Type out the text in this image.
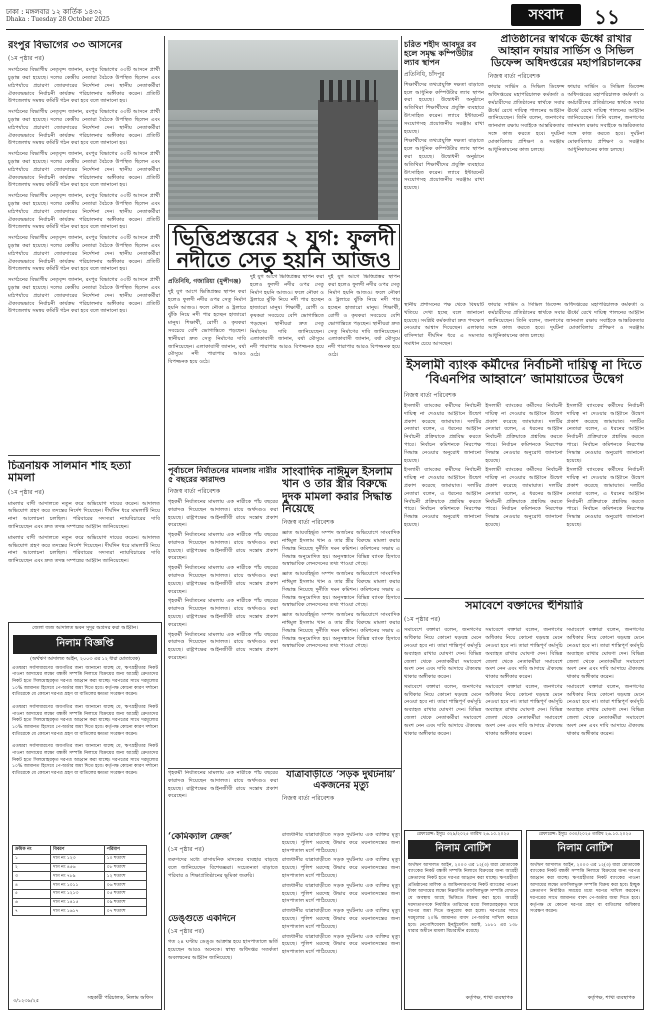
ঢাকা : মঙ্গলবার ১২ কার্তিক ১৪৩২
Dhaka : Tuesday 28 October 2025	সংবাদ	১১
রংপুর বিভাগের ৩৩ আসনের
(১ম পৃষ্ঠার পর)
সংগঠনের বিভাগীয় নেতৃবৃন্দ জানান, রংপুর বিভাগের ৩৩টি আসনে প্রার্থী চূড়ান্ত করা হয়েছে। দলের কেন্দ্রীয় নেতারা বৈঠকে উপস্থিত ছিলেন এবং মাঠপর্যায়ে প্রচারণা জোরদারের নির্দেশনা দেন। স্থানীয় নেতাকর্মীরা ঐক্যবদ্ধভাবে নির্বাচনী কার্যক্রম পরিচালনার অঙ্গীকার করেন। প্রতিটি উপজেলায় সমন্বয় কমিটি গঠন করা হবে বলে জানানো হয়।
সংগঠনের বিভাগীয় নেতৃবৃন্দ জানান, রংপুর বিভাগের ৩৩টি আসনে প্রার্থী চূড়ান্ত করা হয়েছে। দলের কেন্দ্রীয় নেতারা বৈঠকে উপস্থিত ছিলেন এবং মাঠপর্যায়ে প্রচারণা জোরদারের নির্দেশনা দেন। স্থানীয় নেতাকর্মীরা ঐক্যবদ্ধভাবে নির্বাচনী কার্যক্রম পরিচালনার অঙ্গীকার করেন। প্রতিটি উপজেলায় সমন্বয় কমিটি গঠন করা হবে বলে জানানো হয়।
সংগঠনের বিভাগীয় নেতৃবৃন্দ জানান, রংপুর বিভাগের ৩৩টি আসনে প্রার্থী চূড়ান্ত করা হয়েছে। দলের কেন্দ্রীয় নেতারা বৈঠকে উপস্থিত ছিলেন এবং মাঠপর্যায়ে প্রচারণা জোরদারের নির্দেশনা দেন। স্থানীয় নেতাকর্মীরা ঐক্যবদ্ধভাবে নির্বাচনী কার্যক্রম পরিচালনার অঙ্গীকার করেন। প্রতিটি উপজেলায় সমন্বয় কমিটি গঠন করা হবে বলে জানানো হয়।
সংগঠনের বিভাগীয় নেতৃবৃন্দ জানান, রংপুর বিভাগের ৩৩টি আসনে প্রার্থী চূড়ান্ত করা হয়েছে। দলের কেন্দ্রীয় নেতারা বৈঠকে উপস্থিত ছিলেন এবং মাঠপর্যায়ে প্রচারণা জোরদারের নির্দেশনা দেন। স্থানীয় নেতাকর্মীরা ঐক্যবদ্ধভাবে নির্বাচনী কার্যক্রম পরিচালনার অঙ্গীকার করেন। প্রতিটি উপজেলায় সমন্বয় কমিটি গঠন করা হবে বলে জানানো হয়।
সংগঠনের বিভাগীয় নেতৃবৃন্দ জানান, রংপুর বিভাগের ৩৩টি আসনে প্রার্থী চূড়ান্ত করা হয়েছে। দলের কেন্দ্রীয় নেতারা বৈঠকে উপস্থিত ছিলেন এবং মাঠপর্যায়ে প্রচারণা জোরদারের নির্দেশনা দেন। স্থানীয় নেতাকর্মীরা ঐক্যবদ্ধভাবে নির্বাচনী কার্যক্রম পরিচালনার অঙ্গীকার করেন। প্রতিটি উপজেলায় সমন্বয় কমিটি গঠন করা হবে বলে জানানো হয়।
সংগঠনের বিভাগীয় নেতৃবৃন্দ জানান, রংপুর বিভাগের ৩৩টি আসনে প্রার্থী চূড়ান্ত করা হয়েছে। দলের কেন্দ্রীয় নেতারা বৈঠকে উপস্থিত ছিলেন এবং মাঠপর্যায়ে প্রচারণা জোরদারের নির্দেশনা দেন। স্থানীয় নেতাকর্মীরা ঐক্যবদ্ধভাবে নির্বাচনী কার্যক্রম পরিচালনার অঙ্গীকার করেন। প্রতিটি উপজেলায় সমন্বয় কমিটি গঠন করা হবে বলে জানানো হয়।
চিত্রনায়ক সালমান শাহ হত্যা মামলা
(১ম পৃষ্ঠার পর)
মামলার বাদী আদালতে নতুন করে অভিযোগ দায়ের করেন। আদালত অভিযোগ গ্রহণ করে তদন্তের নির্দেশ দিয়েছেন। দীর্ঘদিন ধরে মামলাটি নিয়ে নানা আলোচনা চলছিল। পরিবারের সদস্যরা ন্যায়বিচারের দাবি জানিয়েছেন এবং দ্রুত তদন্ত সম্পন্নের আহ্বান জানিয়েছেন।
মামলার বাদী আদালতে নতুন করে অভিযোগ দায়ের করেন। আদালত অভিযোগ গ্রহণ করে তদন্তের নির্দেশ দিয়েছেন। দীর্ঘদিন ধরে মামলাটি নিয়ে নানা আলোচনা চলছিল। পরিবারের সদস্যরা ন্যায়বিচারের দাবি জানিয়েছেন এবং দ্রুত তদন্ত সম্পন্নের আহ্বান জানিয়েছেন।
জেলা জজ আদালত ভবন সুদূর অগ্রসর করা আহ্বান।
নিলাম বিজ্ঞপ্তি
(অর্থঋণ আদালত আইন, ২০০৩ এর ১২ ধারা মোতাবেক)
এতদ্বারা সর্বসাধারণের অবগতির জন্য জানানো যাচ্ছে যে, ঋণগ্রহীতার নিকট পাওনা আদায়ের লক্ষ্যে বন্ধকী সম্পত্তি নিলামে বিক্রয়ের জন্য আগ্রহী ক্রেতাদের নিকট হতে সিলমোহরকৃত দরপত্র আহ্বান করা যাচ্ছে। দরপত্রের সাথে দরমূল্যের ১০% জামানত হিসেবে পে-অর্ডার জমা দিতে হবে। কর্তৃপক্ষ কোনো কারণ দর্শানো ব্যতিরেকে যে কোনো দরপত্র গ্রহণ বা বাতিলের ক্ষমতা সংরক্ষণ করেন।
এতদ্বারা সর্বসাধারণের অবগতির জন্য জানানো যাচ্ছে যে, ঋণগ্রহীতার নিকট পাওনা আদায়ের লক্ষ্যে বন্ধকী সম্পত্তি নিলামে বিক্রয়ের জন্য আগ্রহী ক্রেতাদের নিকট হতে সিলমোহরকৃত দরপত্র আহ্বান করা যাচ্ছে। দরপত্রের সাথে দরমূল্যের ১০% জামানত হিসেবে পে-অর্ডার জমা দিতে হবে। কর্তৃপক্ষ কোনো কারণ দর্শানো ব্যতিরেকে যে কোনো দরপত্র গ্রহণ বা বাতিলের ক্ষমতা সংরক্ষণ করেন।
এতদ্বারা সর্বসাধারণের অবগতির জন্য জানানো যাচ্ছে যে, ঋণগ্রহীতার নিকট পাওনা আদায়ের লক্ষ্যে বন্ধকী সম্পত্তি নিলামে বিক্রয়ের জন্য আগ্রহী ক্রেতাদের নিকট হতে সিলমোহরকৃত দরপত্র আহ্বান করা যাচ্ছে। দরপত্রের সাথে দরমূল্যের ১০% জামানত হিসেবে পে-অর্ডার জমা দিতে হবে। কর্তৃপক্ষ কোনো কারণ দর্শানো ব্যতিরেকে যে কোনো দরপত্র গ্রহণ বা বাতিলের ক্ষমতা সংরক্ষণ করেন।
৩/১২৩৯/২৫	সহকারী পরিচালক, নিলাম অফিস
ক্রমিক নং	বিবরণ	পরিমাণ
১	দাগ নং ১২৩	১০ শতাংশ
২	দাগ নং ৪৫৬	০৮ শতাংশ
৩	দাগ নং ৭৮৯	১২ শতাংশ
৪	দাগ নং ১০১১	০৬ শতাংশ
৫	দাগ নং ১২১৩	০৫ শতাংশ
৬	দাগ নং ১৪১৫	০৯ শতাংশ
৭	দাগ নং ১৬১৭	০৭ শতাংশ
ভিত্তিপ্রস্তরের ২ যুগ: ফুলদী নদীতে সেতু হয়নি আজও
প্রতিনিধি, গজারিয়া (মুন্সীগঞ্জ)
দুই যুগ আগে ভিত্তিপ্রস্তর স্থাপন করা হলেও ফুলদী নদীর ওপর সেতু নির্মাণ হয়নি আজও। ফলে নৌকা ও ট্রলারে ঝুঁকি নিয়ে নদী পার হচ্ছেন হাজারো মানুষ। শিক্ষার্থী, রোগী ও কৃষকরা সবচেয়ে বেশি ভোগান্তিতে পড়ছেন। স্থানীয়রা দ্রুত সেতু নির্মাণের দাবি জানিয়েছেন। এলাকাবাসী জানান, বর্ষা মৌসুমে নদী পারাপার আরও বিপজ্জনক হয়ে ওঠে।
দুই যুগ আগে ভিত্তিপ্রস্তর স্থাপন করা হলেও ফুলদী নদীর ওপর সেতু নির্মাণ হয়নি আজও। ফলে নৌকা ও ট্রলারে ঝুঁকি নিয়ে নদী পার হচ্ছেন হাজারো মানুষ। শিক্ষার্থী, রোগী ও কৃষকরা সবচেয়ে বেশি ভোগান্তিতে পড়ছেন। স্থানীয়রা দ্রুত সেতু নির্মাণের দাবি জানিয়েছেন। এলাকাবাসী জানান, বর্ষা মৌসুমে নদী পারাপার আরও বিপজ্জনক হয়ে ওঠে।
দুই যুগ আগে ভিত্তিপ্রস্তর স্থাপন করা হলেও ফুলদী নদীর ওপর সেতু নির্মাণ হয়নি আজও। ফলে নৌকা ও ট্রলারে ঝুঁকি নিয়ে নদী পার হচ্ছেন হাজারো মানুষ। শিক্ষার্থী, রোগী ও কৃষকরা সবচেয়ে বেশি ভোগান্তিতে পড়ছেন। স্থানীয়রা দ্রুত সেতু নির্মাণের দাবি জানিয়েছেন। এলাকাবাসী জানান, বর্ষা মৌসুমে নদী পারাপার আরও বিপজ্জনক হয়ে ওঠে।
চরিত শহীদ আবদুর রব হলে সমৃদ্ধ কম্পিউটার ল্যাব স্থাপন
প্রতিনিধি, চাঁদপুর
শিক্ষার্থীদের তথ্যপ্রযুক্তি দক্ষতা বাড়াতে হলে আধুনিক কম্পিউটার ল্যাব স্থাপন করা হয়েছে। উদ্বোধনী অনুষ্ঠানে অতিথিরা শিক্ষার্থীদের প্রযুক্তি ব্যবহারে উৎসাহিত করেন। ল্যাবে ইন্টারনেট সংযোগসহ প্রয়োজনীয় সরঞ্জাম রাখা হয়েছে।
শিক্ষার্থীদের তথ্যপ্রযুক্তি দক্ষতা বাড়াতে হলে আধুনিক কম্পিউটার ল্যাব স্থাপন করা হয়েছে। উদ্বোধনী অনুষ্ঠানে অতিথিরা শিক্ষার্থীদের প্রযুক্তি ব্যবহারে উৎসাহিত করেন। ল্যাবে ইন্টারনেট সংযোগসহ প্রয়োজনীয় সরঞ্জাম রাখা হয়েছে।
প্রতিষ্ঠানের স্বার্থকে ঊর্ধ্বে রাখার আহ্বান ফায়ার সার্ভিস ও সিভিল ডিফেন্স অধিদপ্তরের মহাপরিচালকের
নিজস্ব বার্তা পরিবেশক
ফায়ার সার্ভিস ও সিভিল ডিফেন্স অধিদপ্তরের মহাপরিচালক কর্মকর্তা ও কর্মচারীদের প্রতিষ্ঠানের স্বার্থকে সবার ঊর্ধ্বে রেখে দায়িত্ব পালনের আহ্বান জানিয়েছেন। তিনি বলেন, জনগণের জানমাল রক্ষায় সবাইকে আন্তরিকতার সঙ্গে কাজ করতে হবে। দুর্ঘটনা মোকাবিলায় প্রশিক্ষণ ও সরঞ্জাম আধুনিকায়নের কাজ চলছে।
ফায়ার সার্ভিস ও সিভিল ডিফেন্স অধিদপ্তরের মহাপরিচালক কর্মকর্তা ও কর্মচারীদের প্রতিষ্ঠানের স্বার্থকে সবার ঊর্ধ্বে রেখে দায়িত্ব পালনের আহ্বান জানিয়েছেন। তিনি বলেন, জনগণের জানমাল রক্ষায় সবাইকে আন্তরিকতার সঙ্গে কাজ করতে হবে। দুর্ঘটনা মোকাবিলায় প্রশিক্ষণ ও সরঞ্জাম আধুনিকায়নের কাজ চলছে।
স্থানীয় প্রশাসনের পক্ষ থেকে বিষয়টি খতিয়ে দেখা হচ্ছে বলে জানানো হয়েছে। সংশ্লিষ্ট কর্মকর্তারা দ্রুত পদক্ষেপ নেওয়ার আশ্বাস দিয়েছেন। এলাকার বাসিন্দারা দীর্ঘদিন ধরে এ সমস্যার সমাধান চেয়ে আসছেন।
ফায়ার সার্ভিস ও সিভিল ডিফেন্স অধিদপ্তরের মহাপরিচালক কর্মকর্তা ও কর্মচারীদের প্রতিষ্ঠানের স্বার্থকে সবার ঊর্ধ্বে রেখে দায়িত্ব পালনের আহ্বান জানিয়েছেন। তিনি বলেন, জনগণের জানমাল রক্ষায় সবাইকে আন্তরিকতার সঙ্গে কাজ করতে হবে। দুর্ঘটনা মোকাবিলায় প্রশিক্ষণ ও সরঞ্জাম আধুনিকায়নের কাজ চলছে।
ইসলামী ব্যাংক কর্মীদের নির্বাচনী দায়িত্ব না দিতে ‘বিএনপির আহ্বানে’ জামায়াতের উদ্বেগ
নিজস্ব বার্তা পরিবেশক
ইসলামী ব্যাংকের কর্মীদের নির্বাচনী দায়িত্ব না দেওয়ার আহ্বানে উদ্বেগ প্রকাশ করেছে জামায়াত। দলটির নেতারা বলেন, এ ধরনের আহ্বান নির্বাচনী প্রক্রিয়াকে প্রশ্নবিদ্ধ করতে পারে। নির্বাচন কমিশনকে নিরপেক্ষ সিদ্ধান্ত নেওয়ার অনুরোধ জানানো হয়েছে।
ইসলামী ব্যাংকের কর্মীদের নির্বাচনী দায়িত্ব না দেওয়ার আহ্বানে উদ্বেগ প্রকাশ করেছে জামায়াত। দলটির নেতারা বলেন, এ ধরনের আহ্বান নির্বাচনী প্রক্রিয়াকে প্রশ্নবিদ্ধ করতে পারে। নির্বাচন কমিশনকে নিরপেক্ষ সিদ্ধান্ত নেওয়ার অনুরোধ জানানো হয়েছে।
ইসলামী ব্যাংকের কর্মীদের নির্বাচনী দায়িত্ব না দেওয়ার আহ্বানে উদ্বেগ প্রকাশ করেছে জামায়াত। দলটির নেতারা বলেন, এ ধরনের আহ্বান নির্বাচনী প্রক্রিয়াকে প্রশ্নবিদ্ধ করতে পারে। নির্বাচন কমিশনকে নিরপেক্ষ সিদ্ধান্ত নেওয়ার অনুরোধ জানানো হয়েছে।
ইসলামী ব্যাংকের কর্মীদের নির্বাচনী দায়িত্ব না দেওয়ার আহ্বানে উদ্বেগ প্রকাশ করেছে জামায়াত। দলটির নেতারা বলেন, এ ধরনের আহ্বান নির্বাচনী প্রক্রিয়াকে প্রশ্নবিদ্ধ করতে পারে। নির্বাচন কমিশনকে নিরপেক্ষ সিদ্ধান্ত নেওয়ার অনুরোধ জানানো হয়েছে।
ইসলামী ব্যাংকের কর্মীদের নির্বাচনী দায়িত্ব না দেওয়ার আহ্বানে উদ্বেগ প্রকাশ করেছে জামায়াত। দলটির নেতারা বলেন, এ ধরনের আহ্বান নির্বাচনী প্রক্রিয়াকে প্রশ্নবিদ্ধ করতে পারে। নির্বাচন কমিশনকে নিরপেক্ষ সিদ্ধান্ত নেওয়ার অনুরোধ জানানো হয়েছে।
ইসলামী ব্যাংকের কর্মীদের নির্বাচনী দায়িত্ব না দেওয়ার আহ্বানে উদ্বেগ প্রকাশ করেছে জামায়াত। দলটির নেতারা বলেন, এ ধরনের আহ্বান নির্বাচনী প্রক্রিয়াকে প্রশ্নবিদ্ধ করতে পারে। নির্বাচন কমিশনকে নিরপেক্ষ সিদ্ধান্ত নেওয়ার অনুরোধ জানানো হয়েছে।
পূর্বাচলে নির্যাতনের মামলায় নারীর ৫ বছরের কারাদণ্ড
নিজস্ব বার্তা পরিবেশক
গৃহকর্মী নির্যাতনের মামলায় এক নারীকে পাঁচ বছরের কারাদণ্ড দিয়েছেন আদালত। রায়ে অর্থদণ্ডও করা হয়েছে। রাষ্ট্রপক্ষের আইনজীবী রায়ে সন্তোষ প্রকাশ করেছেন।
গৃহকর্মী নির্যাতনের মামলায় এক নারীকে পাঁচ বছরের কারাদণ্ড দিয়েছেন আদালত। রায়ে অর্থদণ্ডও করা হয়েছে। রাষ্ট্রপক্ষের আইনজীবী রায়ে সন্তোষ প্রকাশ করেছেন।
গৃহকর্মী নির্যাতনের মামলায় এক নারীকে পাঁচ বছরের কারাদণ্ড দিয়েছেন আদালত। রায়ে অর্থদণ্ডও করা হয়েছে। রাষ্ট্রপক্ষের আইনজীবী রায়ে সন্তোষ প্রকাশ করেছেন।
গৃহকর্মী নির্যাতনের মামলায় এক নারীকে পাঁচ বছরের কারাদণ্ড দিয়েছেন আদালত। রায়ে অর্থদণ্ডও করা হয়েছে। রাষ্ট্রপক্ষের আইনজীবী রায়ে সন্তোষ প্রকাশ করেছেন।
গৃহকর্মী নির্যাতনের মামলায় এক নারীকে পাঁচ বছরের কারাদণ্ড দিয়েছেন আদালত। রায়ে অর্থদণ্ডও করা হয়েছে। রাষ্ট্রপক্ষের আইনজীবী রায়ে সন্তোষ প্রকাশ করেছেন।
সাংবাদিক নাঈমুল ইসলাম খান ও তার স্ত্রীর বিরুদ্ধে দুদক মামলা করার সিদ্ধান্ত নিয়েছে
নিজস্ব বার্তা পরিবেশক
জ্ঞাত আয়বহির্ভূত সম্পদ অর্জনের অভিযোগে সাংবাদিক নাঈমুল ইসলাম খান ও তার স্ত্রীর বিরুদ্ধে মামলা করার সিদ্ধান্ত নিয়েছে দুর্নীতি দমন কমিশন। কমিশনের সভায় এ সিদ্ধান্ত অনুমোদিত হয়। অনুসন্ধানে বিভিন্ন ব্যাংক হিসাবে অস্বাভাবিক লেনদেনের তথ্য পাওয়া গেছে।
জ্ঞাত আয়বহির্ভূত সম্পদ অর্জনের অভিযোগে সাংবাদিক নাঈমুল ইসলাম খান ও তার স্ত্রীর বিরুদ্ধে মামলা করার সিদ্ধান্ত নিয়েছে দুর্নীতি দমন কমিশন। কমিশনের সভায় এ সিদ্ধান্ত অনুমোদিত হয়। অনুসন্ধানে বিভিন্ন ব্যাংক হিসাবে অস্বাভাবিক লেনদেনের তথ্য পাওয়া গেছে।
জ্ঞাত আয়বহির্ভূত সম্পদ অর্জনের অভিযোগে সাংবাদিক নাঈমুল ইসলাম খান ও তার স্ত্রীর বিরুদ্ধে মামলা করার সিদ্ধান্ত নিয়েছে দুর্নীতি দমন কমিশন। কমিশনের সভায় এ সিদ্ধান্ত অনুমোদিত হয়। অনুসন্ধানে বিভিন্ন ব্যাংক হিসাবে অস্বাভাবিক লেনদেনের তথ্য পাওয়া গেছে।
সমাবেশে বক্তাদের হুঁশিয়ারি
(১ম পৃষ্ঠার পর)
সমাবেশে বক্তারা বলেন, জনগণের অধিকার নিয়ে কোনো ষড়যন্ত্র মেনে নেওয়া হবে না। তারা শান্তিপূর্ণ কর্মসূচি অব্যাহত রাখার ঘোষণা দেন। বিভিন্ন জেলা থেকে নেতাকর্মীরা সমাবেশে অংশ নেন এবং দাবি আদায়ে ঐক্যবদ্ধ থাকার অঙ্গীকার করেন।
সমাবেশে বক্তারা বলেন, জনগণের অধিকার নিয়ে কোনো ষড়যন্ত্র মেনে নেওয়া হবে না। তারা শান্তিপূর্ণ কর্মসূচি অব্যাহত রাখার ঘোষণা দেন। বিভিন্ন জেলা থেকে নেতাকর্মীরা সমাবেশে অংশ নেন এবং দাবি আদায়ে ঐক্যবদ্ধ থাকার অঙ্গীকার করেন।
সমাবেশে বক্তারা বলেন, জনগণের অধিকার নিয়ে কোনো ষড়যন্ত্র মেনে নেওয়া হবে না। তারা শান্তিপূর্ণ কর্মসূচি অব্যাহত রাখার ঘোষণা দেন। বিভিন্ন জেলা থেকে নেতাকর্মীরা সমাবেশে অংশ নেন এবং দাবি আদায়ে ঐক্যবদ্ধ থাকার অঙ্গীকার করেন।
সমাবেশে বক্তারা বলেন, জনগণের অধিকার নিয়ে কোনো ষড়যন্ত্র মেনে নেওয়া হবে না। তারা শান্তিপূর্ণ কর্মসূচি অব্যাহত রাখার ঘোষণা দেন। বিভিন্ন জেলা থেকে নেতাকর্মীরা সমাবেশে অংশ নেন এবং দাবি আদায়ে ঐক্যবদ্ধ থাকার অঙ্গীকার করেন।
সমাবেশে বক্তারা বলেন, জনগণের অধিকার নিয়ে কোনো ষড়যন্ত্র মেনে নেওয়া হবে না। তারা শান্তিপূর্ণ কর্মসূচি অব্যাহত রাখার ঘোষণা দেন। বিভিন্ন জেলা থেকে নেতাকর্মীরা সমাবেশে অংশ নেন এবং দাবি আদায়ে ঐক্যবদ্ধ থাকার অঙ্গীকার করেন।
সমাবেশে বক্তারা বলেন, জনগণের অধিকার নিয়ে কোনো ষড়যন্ত্র মেনে নেওয়া হবে না। তারা শান্তিপূর্ণ কর্মসূচি অব্যাহত রাখার ঘোষণা দেন। বিভিন্ন জেলা থেকে নেতাকর্মীরা সমাবেশে অংশ নেন এবং দাবি আদায়ে ঐক্যবদ্ধ থাকার অঙ্গীকার করেন।
গৃহকর্মী নির্যাতনের মামলায় এক নারীকে পাঁচ বছরের কারাদণ্ড দিয়েছেন আদালত। রায়ে অর্থদণ্ডও করা হয়েছে। রাষ্ট্রপক্ষের আইনজীবী রায়ে সন্তোষ প্রকাশ করেছেন।
যাত্রাবাড়ীতে ‘সড়ক দুর্ঘটনায়’ একজনের মৃত্যু
নিজস্ব বার্তা পরিবেশক
‘কেমিক্যাল ক্রেজ’
(১ম পৃষ্ঠার পর)
তরুণদের মধ্যে রাসায়নিক মাদকের ব্যবহার বাড়ছে বলে জানিয়েছেন বিশেষজ্ঞরা। সচেতনতা বাড়াতে পরিবার ও শিক্ষাপ্রতিষ্ঠানের ভূমিকা জরুরি।
রাজধানীর যাত্রাবাড়ীতে সড়ক দুর্ঘটনায় এক ব্যক্তির মৃত্যু হয়েছে। পুলিশ মরদেহ উদ্ধার করে ময়নাতদন্তের জন্য হাসপাতাল মর্গে পাঠিয়েছে।
রাজধানীর যাত্রাবাড়ীতে সড়ক দুর্ঘটনায় এক ব্যক্তির মৃত্যু হয়েছে। পুলিশ মরদেহ উদ্ধার করে ময়নাতদন্তের জন্য হাসপাতাল মর্গে পাঠিয়েছে।
রাজধানীর যাত্রাবাড়ীতে সড়ক দুর্ঘটনায় এক ব্যক্তির মৃত্যু হয়েছে। পুলিশ মরদেহ উদ্ধার করে ময়নাতদন্তের জন্য হাসপাতাল মর্গে পাঠিয়েছে।
রাজধানীর যাত্রাবাড়ীতে সড়ক দুর্ঘটনায় এক ব্যক্তির মৃত্যু হয়েছে। পুলিশ মরদেহ উদ্ধার করে ময়নাতদন্তের জন্য হাসপাতাল মর্গে পাঠিয়েছে।
রাজধানীর যাত্রাবাড়ীতে সড়ক দুর্ঘটনায় এক ব্যক্তির মৃত্যু হয়েছে। পুলিশ মরদেহ উদ্ধার করে ময়নাতদন্তের জন্য হাসপাতাল মর্গে পাঠিয়েছে।
ডেঙ্গুতে একদিনে
(১ম পৃষ্ঠার পর)
গত ২৪ ঘণ্টায় ডেঙ্গু আক্রান্ত হয়ে হাসপাতালে ভর্তি হয়েছেন আরও অনেকে। স্বাস্থ্য অধিদপ্তর সতর্কতা অবলম্বনের আহ্বান জানিয়েছে।
রেফারেন্স: ইস্যুঃ ৩২৯/২০২৫ তারিখ ২৬.১০.২০২৫
নিলাম নোটিশ
অর্থঋণ আদালত আইন, ২০০৩ এর ১২(৩) ধারা মোতাবেক ব্যাংকের নিকট বন্ধকী সম্পত্তি নিলামে বিক্রয়ের জন্য আগ্রহী ক্রেতাদের নিকট হতে দরপত্র আহ্বান করা যাচ্ছে। ঋণগ্রহীতা প্রতিষ্ঠানের মালিক ও জামিনদারগণের নিকট ব্যাংকের পাওনা টাকা আদায়ের লক্ষ্যে নিম্নবর্ণিত তফসিলভুক্ত সম্পত্তি যেখানে যে অবস্থায় আছে ভিত্তিতে বিক্রয় করা হবে। আগ্রহী দরদাতাগণকে নির্ধারিত তারিখের মধ্যে সিলমোহরকৃত খামে দরপত্র জমা দিতে অনুরোধ করা হলো। দরপত্রের সাথে দরমূল্যের ২০% জামানত বাবদ পে-অর্ডার দাখিল করতে হবে। নেগোশিয়েবল ইনস্ট্রুমেন্টস অ্যাক্ট, ১৮৮১ এর ১৩৮ ধারার অধীনে মামলা বিচারাধীন রয়েছে।
কর্তৃপক্ষ, শাখা ব্যবস্থাপক
রেফারেন্স: ইস্যুঃ ৩৩০/২০২৫ তারিখ ২৬.১০.২০২৫
নিলাম নোটিশ
অর্থঋণ আদালত আইন, ২০০৩ এর ১২(৩) ধারা মোতাবেক ব্যাংকের নিকট বন্ধকী সম্পত্তি নিলামে বিক্রয়ের জন্য দরপত্র আহ্বান করা যাচ্ছে। ঋণগ্রহীতার নিকট ব্যাংকের পাওনা আদায়ের লক্ষ্যে তফসিলভুক্ত সম্পত্তি বিক্রয় করা হবে। ইচ্ছুক ক্রেতাগণ নির্ধারিত সময়ের মধ্যে দরপত্র দাখিল করবেন। দরপত্রের সাথে জামানত বাবদ পে-অর্ডার জমা দিতে হবে। কর্তৃপক্ষ যে কোনো দরপত্র গ্রহণ বা বাতিলের অধিকার সংরক্ষণ করেন।
কর্তৃপক্ষ, শাখা ব্যবস্থাপক
